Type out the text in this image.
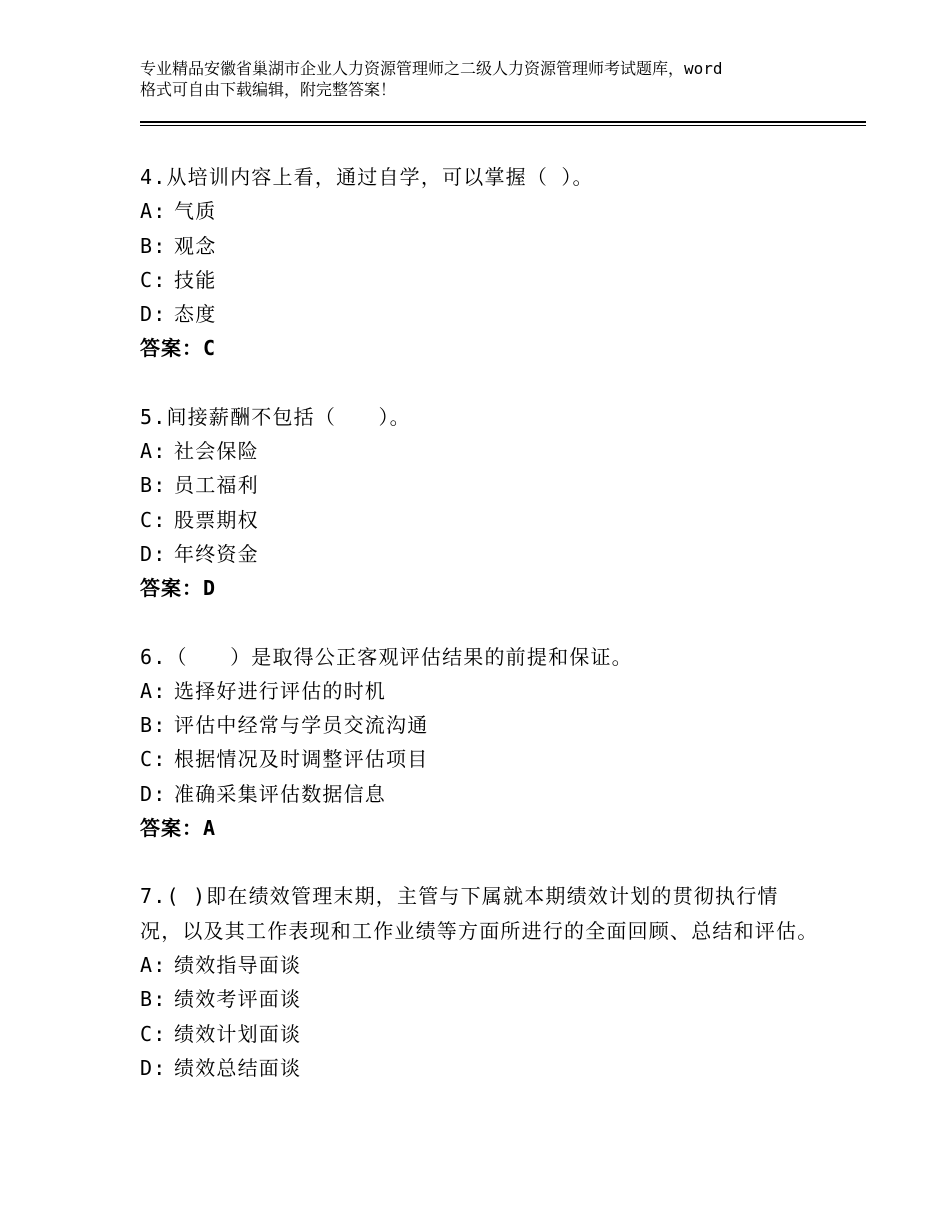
专业精品安徽省巢湖市企业人力资源管理师之二级人力资源管理师考试题库，word
格式可自由下载编辑，附完整答案！

4.从培训内容上看，通过自学，可以掌握（ ）。

A: 气质

B: 观念

C: 技能

D: 态度

答案：C

5.间接薪酬不包括（　　）。

A: 社会保险

B: 员工福利

C: 股票期权

D: 年终资金

答案：D

6.（　　）是取得公正客观评估结果的前提和保证。

A: 选择好进行评估的时机

B: 评估中经常与学员交流沟通

C: 根据情况及时调整评估项目

D: 准确采集评估数据信息

答案：A

7.( )即在绩效管理末期，主管与下属就本期绩效计划的贯彻执行情况，以及其工作表现和工作业绩等方面所进行的全面回顾、总结和评估。

A: 绩效指导面谈

B: 绩效考评面谈

C: 绩效计划面谈

D: 绩效总结面谈
